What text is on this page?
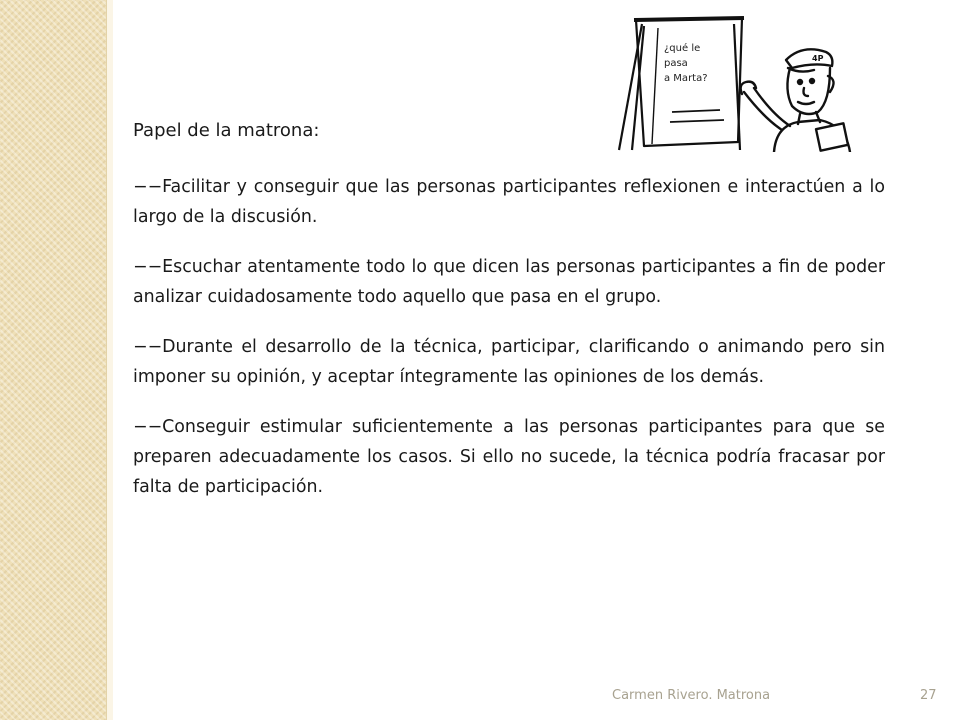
4P
¿qué le
pasa
a Marta?
Papel de la matrona:

−−Facilitar y conseguir que las personas participantes reflexionen e interactúen a lo largo de la discusión.

−−Escuchar atentamente todo lo que dicen las personas participantes a fin de poder analizar cuidadosamente todo aquello que pasa en el grupo.

−−Durante el desarrollo de la técnica, participar, clarificando o animando pero sin imponer su opinión, y aceptar íntegramente las opiniones de los demás.

−−Conseguir estimular suficientemente a las personas participantes para que se preparen adecuadamente los casos. Si ello no sucede, la técnica podría fracasar por falta de participación.

Carmen Rivero. Matrona	27
